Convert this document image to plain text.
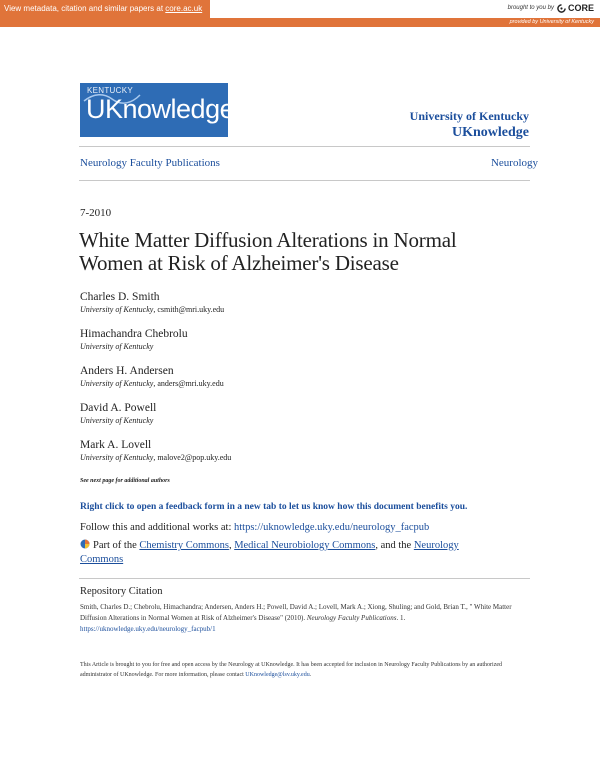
View metadata, citation and similar papers at core.ac.uk	brought to you by CORE
provided by University of Kentucky
KENTUCKY
UKnowledge	University of Kentucky
UKnowledge
Neurology Faculty Publications	Neurology
7-2010
White Matter Diffusion Alterations in Normal Women at Risk of Alzheimer's Disease
Charles D. Smith
University of Kentucky, csmith@mri.uky.edu
Himachandra Chebrolu
University of Kentucky
Anders H. Andersen
University of Kentucky, anders@mri.uky.edu
David A. Powell
University of Kentucky
Mark A. Lovell
University of Kentucky, malove2@pop.uky.edu
See next page for additional authors
Right click to open a feedback form in a new tab to let us know how this document benefits you.
Follow this and additional works at: https://uknowledge.uky.edu/neurology_facpub
Part of the Chemistry Commons, Medical Neurobiology Commons, and the Neurology Commons
Repository Citation
Smith, Charles D.; Chebrolu, Himachandra; Andersen, Anders H.; Powell, David A.; Lovell, Mark A.; Xiong, Shuling; and Gold, Brian T., " White Matter Diffusion Alterations in Normal Women at Risk of Alzheimer's Disease" (2010). Neurology Faculty Publications. 1.
https://uknowledge.uky.edu/neurology_facpub/1
This Article is brought to you for free and open access by the Neurology at UKnowledge. It has been accepted for inclusion in Neurology Faculty Publications by an authorized administrator of UKnowledge. For more information, please contact UKnowledge@lsv.uky.edu.
